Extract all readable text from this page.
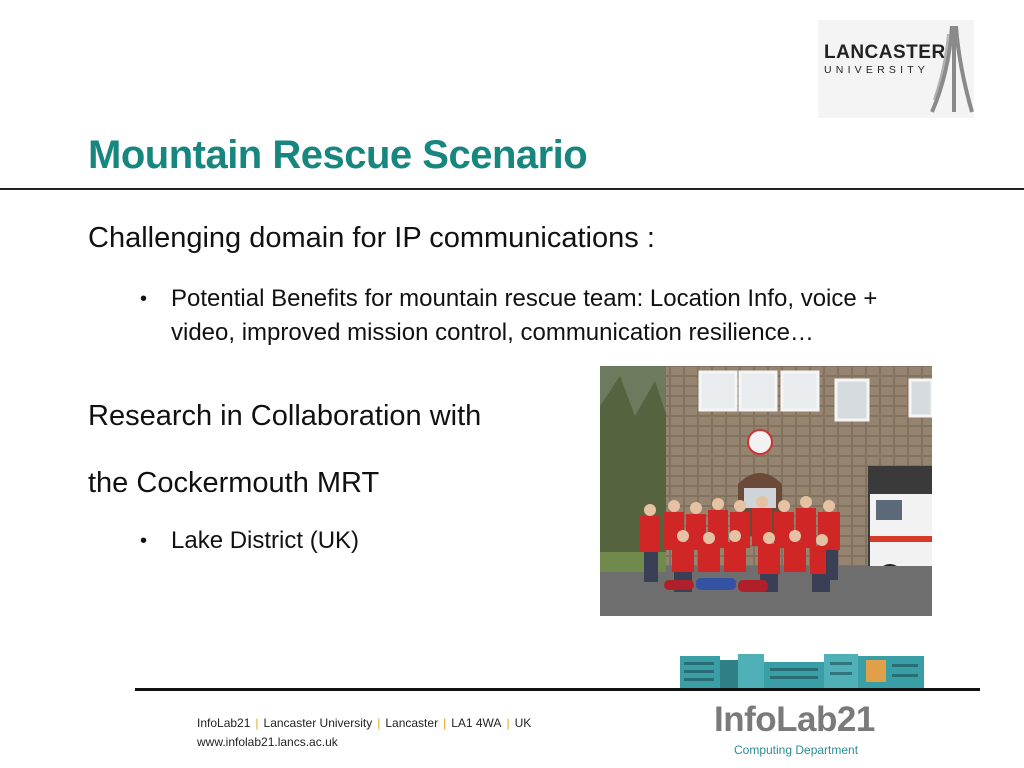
LANCASTER
UNIVERSITY
Mountain Rescue Scenario
Challenging domain for IP communications :
• Potential Benefits for mountain rescue team: Location Info, voice + video, improved mission control, communication resilience…
Research in Collaboration with
the Cockermouth MRT
• Lake District (UK)
InfoLab21 | Lancaster University | Lancaster | LA1 4WA | UK
www.infolab21.lancs.ac.uk
InfoLab21
Computing Department
